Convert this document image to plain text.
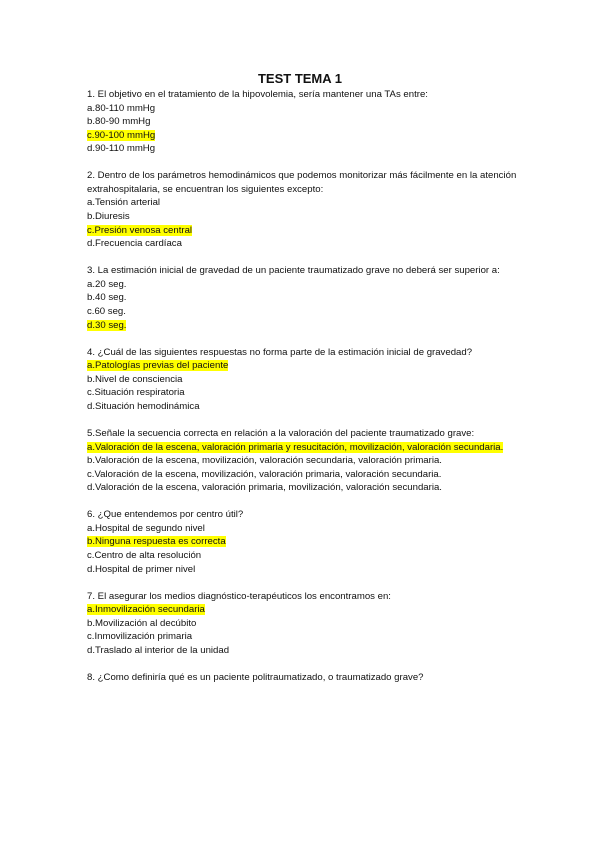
TEST TEMA 1
1. El objetivo en el tratamiento de la hipovolemia, sería mantener una TAs entre:
a.80-110 mmHg
b.80-90 mmHg
c.90-100 mmHg
d.90-110 mmHg
2. Dentro de los parámetros hemodinámicos que podemos monitorizar más fácilmente en la atención extrahospitalaria, se encuentran los siguientes excepto:
a.Tensión arterial
b.Diuresis
c.Presión venosa central
d.Frecuencia cardíaca
3. La estimación inicial de gravedad de un paciente traumatizado grave no deberá ser superior a:
a.20 seg.
b.40 seg.
c.60 seg.
d.30 seg.
4. ¿Cuál de las siguientes respuestas no forma parte de la estimación inicial de gravedad?
a.Patologías previas del paciente
b.Nivel de consciencia
c.Situación respiratoria
d.Situación hemodinámica
5.Señale la secuencia correcta en relación a la valoración del paciente traumatizado grave:
a.Valoración de la escena, valoración primaria y resucitación, movilización, valoración secundaria.
b.Valoración de la escena, movilización, valoración secundaria, valoración primaria.
c.Valoración de la escena, movilización, valoración primaria, valoración secundaria.
d.Valoración de la escena, valoración primaria, movilización, valoración secundaria.
6. ¿Que entendemos por centro útil?
a.Hospital de segundo nivel
b.Ninguna respuesta es correcta
c.Centro de alta resolución
d.Hospital de primer nivel
7. El asegurar los medios diagnóstico-terapéuticos los encontramos en:
a.Inmovilización secundaria
b.Movilización al decúbito
c.Inmovilización primaria
d.Traslado al interior de la unidad
8. ¿Como definiría qué es un paciente politraumatizado, o traumatizado grave?
